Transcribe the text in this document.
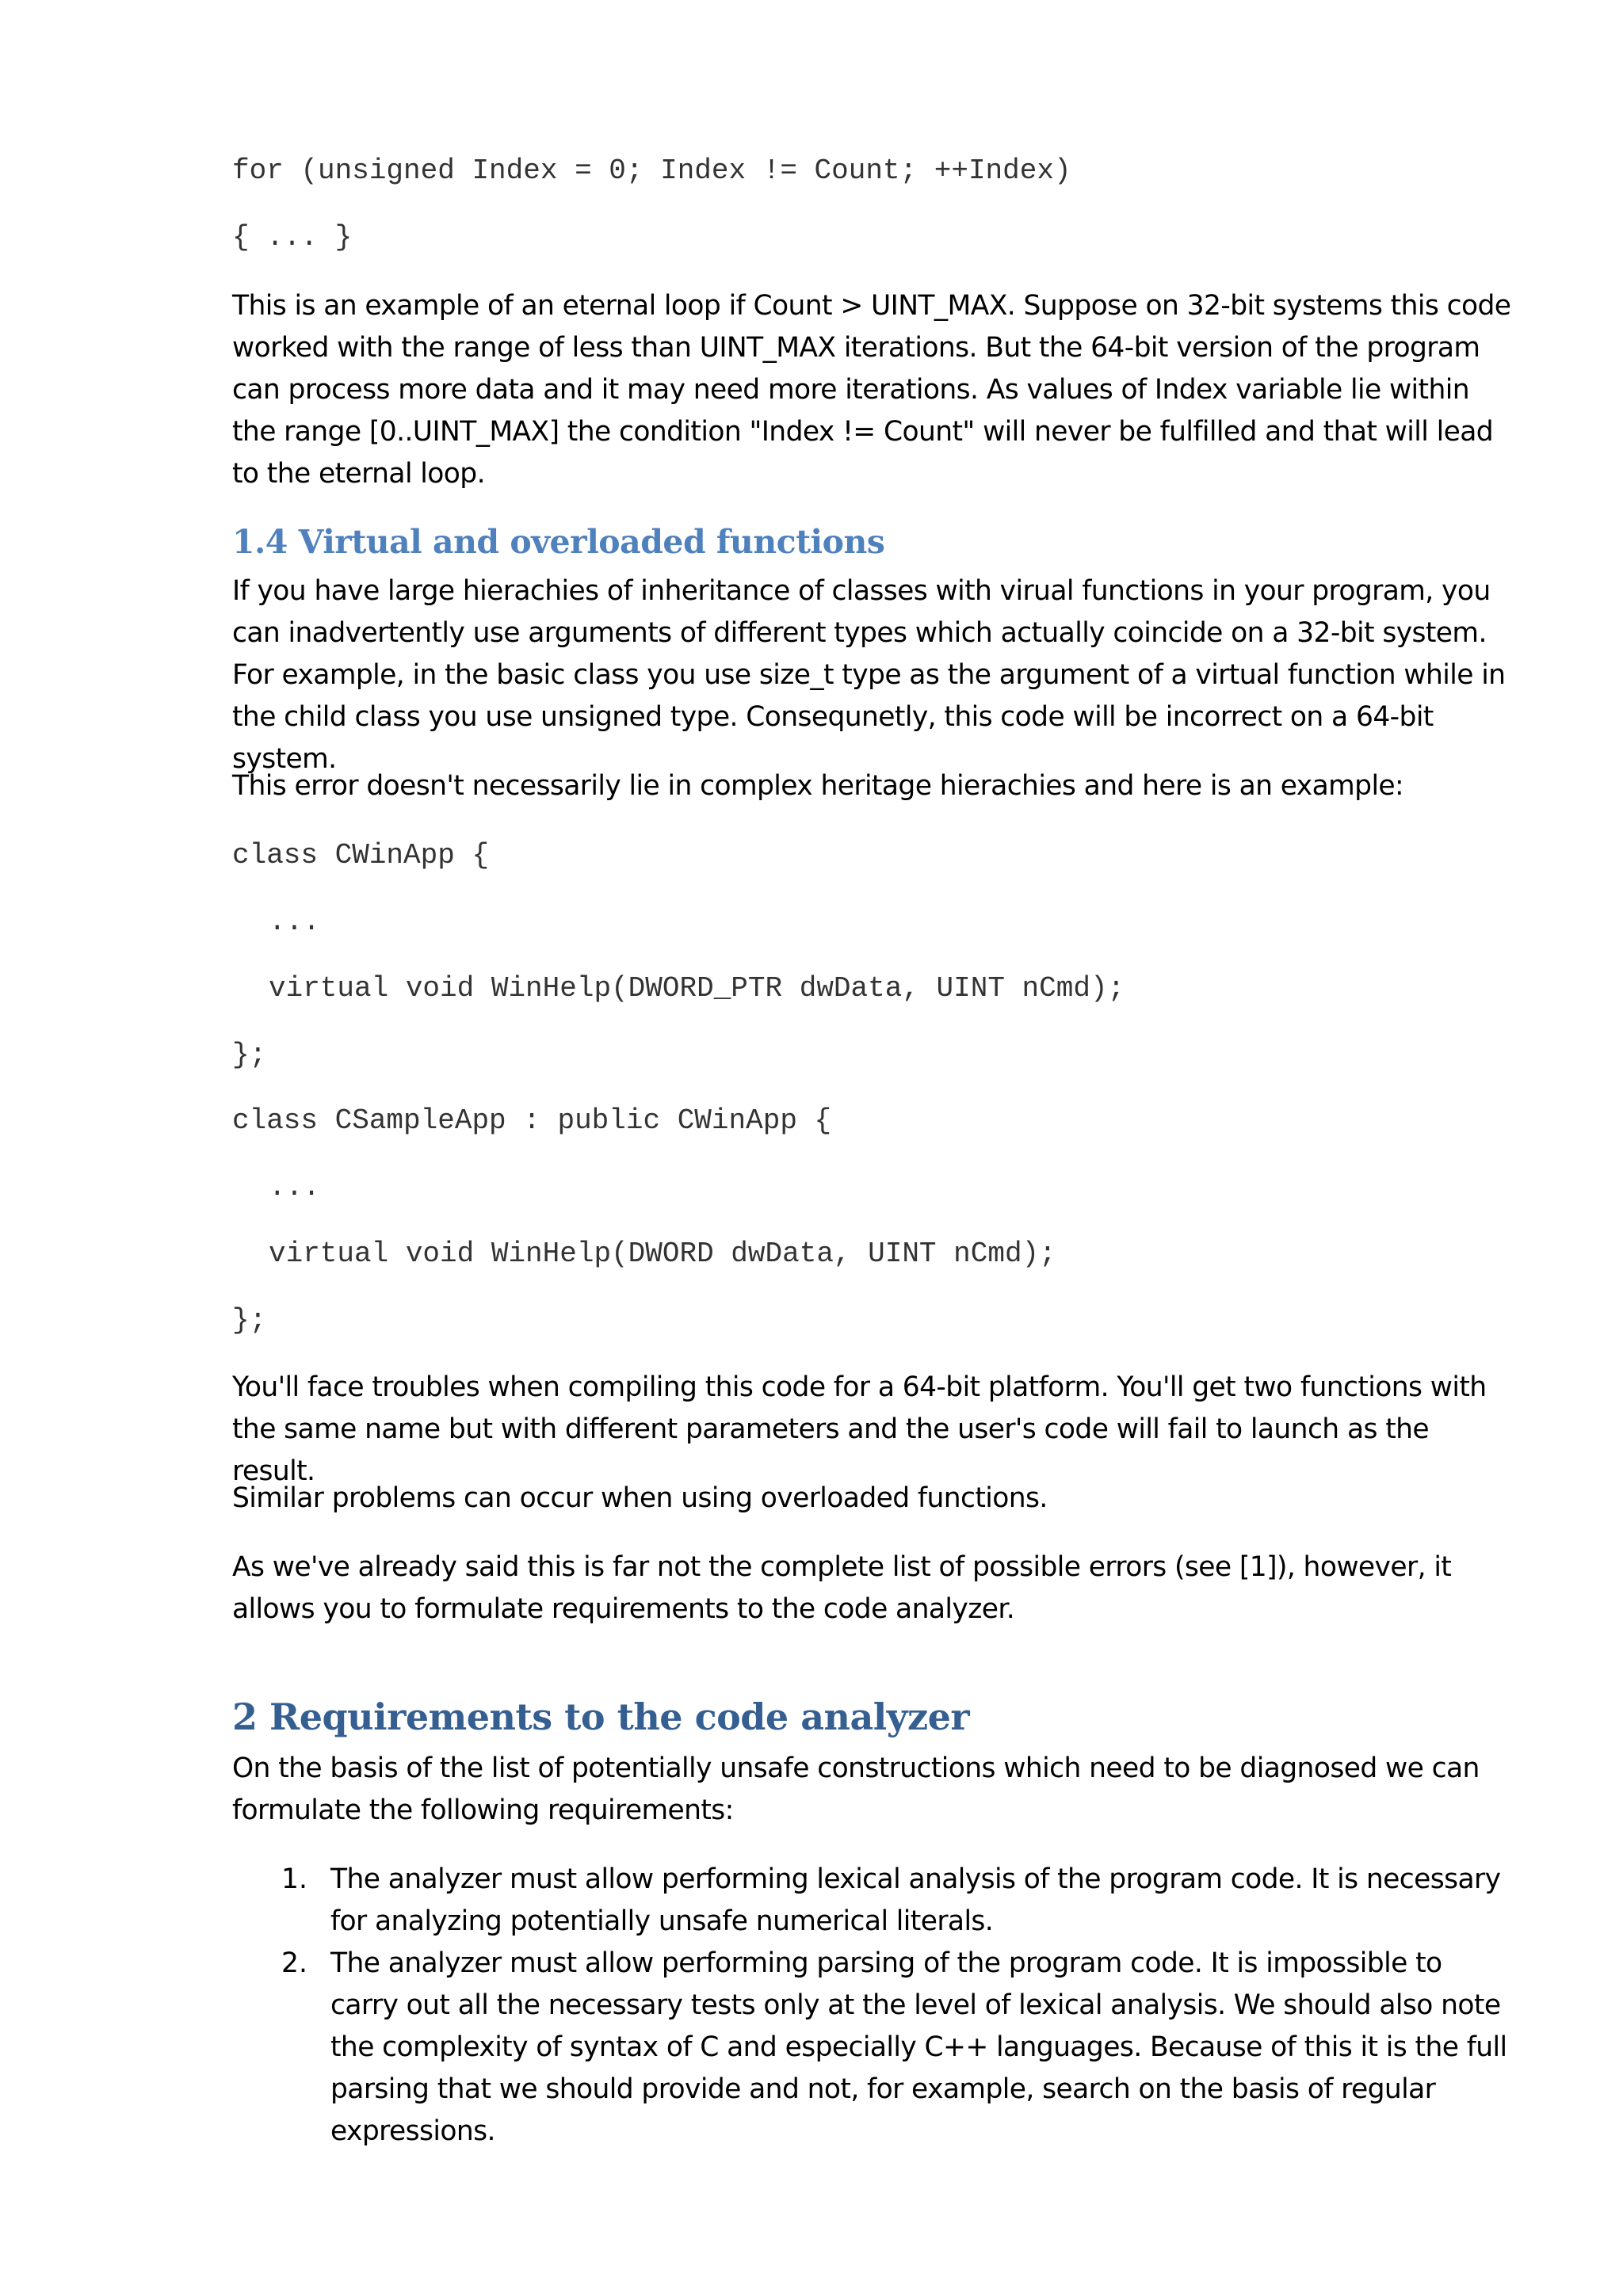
for (unsigned Index = 0; Index != Count; ++Index)
{ ... }

This is an example of an eternal loop if Count > UINT_MAX. Suppose on 32-bit systems this code worked with the range of less than UINT_MAX iterations. But the 64-bit version of the program can process more data and it may need more iterations. As values of Index variable lie within the range [0..UINT_MAX] the condition "Index != Count" will never be fulfilled and that will lead to the eternal loop.

1.4 Virtual and overloaded functions

If you have large hierachies of inheritance of classes with virual functions in your program, you can inadvertently use arguments of different types which actually coincide on a 32-bit system. For example, in the basic class you use size_t type as the argument of a virtual function while in the child class you use unsigned type. Consequnetly, this code will be incorrect on a 64-bit system.

This error doesn't necessarily lie in complex heritage hierachies and here is an example:

class CWinApp {
...
virtual void WinHelp(DWORD_PTR dwData, UINT nCmd);
};
class CSampleApp : public CWinApp {
...
virtual void WinHelp(DWORD dwData, UINT nCmd);
};

You'll face troubles when compiling this code for a 64-bit platform. You'll get two functions with the same name but with different parameters and the user's code will fail to launch as the result.

Similar problems can occur when using overloaded functions.

As we've already said this is far not the complete list of possible errors (see [1]), however, it allows you to formulate requirements to the code analyzer.

2 Requirements to the code analyzer

On the basis of the list of potentially unsafe constructions which need to be diagnosed we can formulate the following requirements:

1. The analyzer must allow performing lexical analysis of the program code. It is necessary for analyzing potentially unsafe numerical literals.

2. The analyzer must allow performing parsing of the program code. It is impossible to carry out all the necessary tests only at the level of lexical analysis. We should also note the complexity of syntax of C and especially C++ languages. Because of this it is the full parsing that we should provide and not, for example, search on the basis of regular expressions.
